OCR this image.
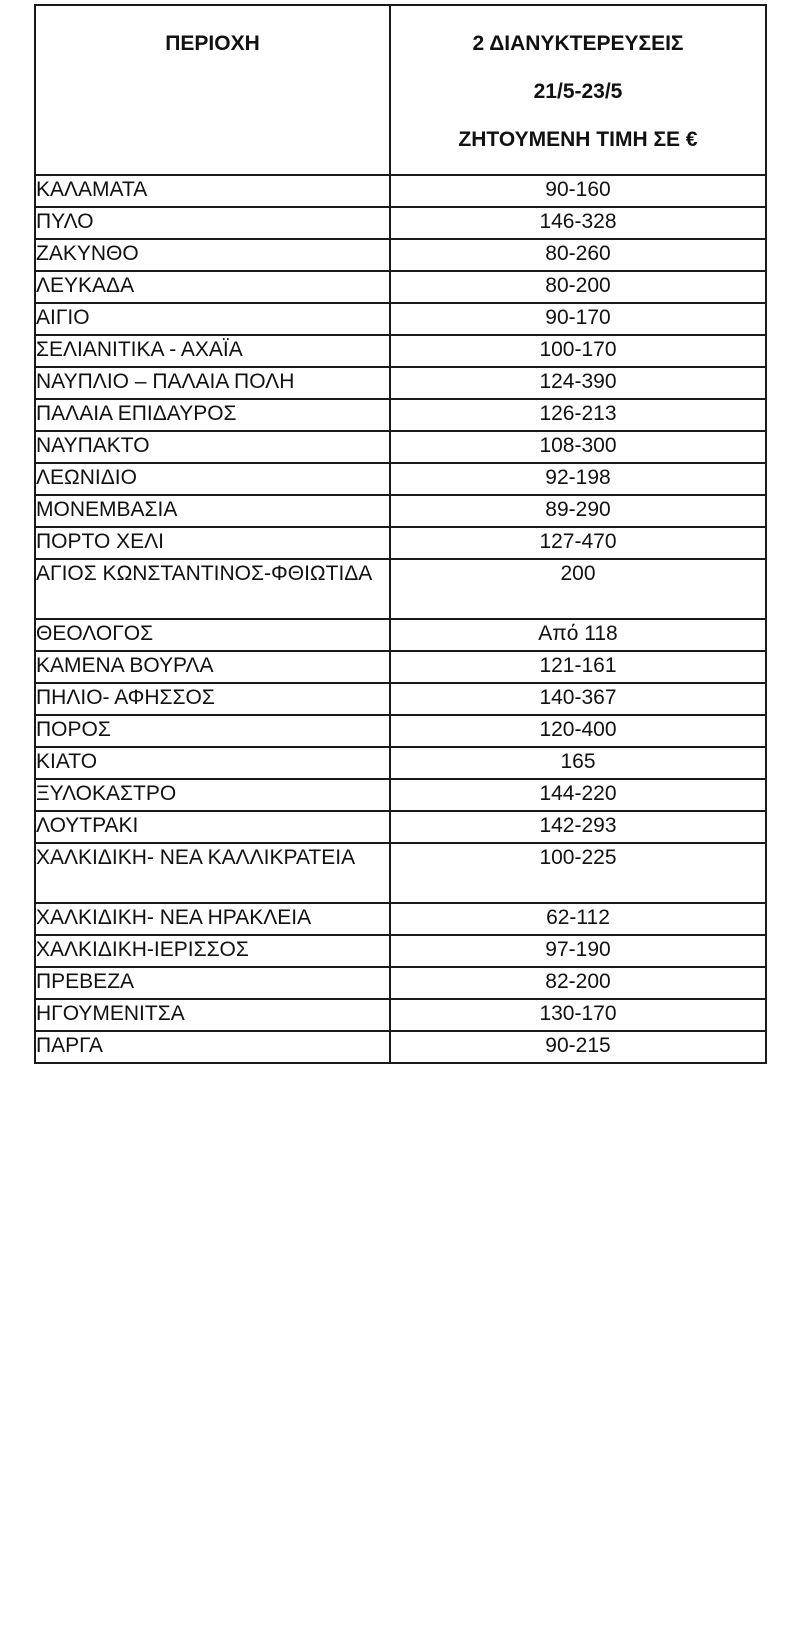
ΠΕΡΙΟΧΗ	2 ΔΙΑΝΥΚΤΕΡΕΥΣΕΙΣ
21/5-23/5
ΖΗΤΟΥΜΕΝΗ ΤΙΜΗ ΣΕ €

ΚΑΛΑΜΑΤΑ	90-160
ΠΥΛΟ	146-328
ΖΑΚΥΝΘΟ	80-260
ΛΕΥΚΑΔΑ	80-200
ΑΙΓΙΟ	90-170
ΣΕΛΙΑΝΙΤΙΚΑ - ΑΧΑΪΑ	100-170
ΝΑΥΠΛΙΟ – ΠΑΛΑΙΑ ΠΟΛΗ	124-390
ΠΑΛΑΙΑ ΕΠΙΔΑΥΡΟΣ	126-213
ΝΑΥΠΑΚΤΟ	108-300
ΛΕΩΝΙΔΙΟ	92-198
ΜΟΝΕΜΒΑΣΙΑ	89-290
ΠΟΡΤΟ ΧΕΛΙ	127-470
ΑΓΙΟΣ ΚΩΝΣΤΑΝΤΙΝΟΣ-ΦΘΙΩΤΙΔΑ	200
ΘΕΟΛΟΓΟΣ	Από 118
ΚΑΜΕΝΑ ΒΟΥΡΛΑ	121-161
ΠΗΛΙΟ- ΑΦΗΣΣΟΣ	140-367
ΠΟΡΟΣ	120-400
ΚΙΑΤΟ	165
ΞΥΛΟΚΑΣΤΡΟ	144-220
ΛΟΥΤΡΑΚΙ	142-293
ΧΑΛΚΙΔΙΚΗ- ΝΕΑ ΚΑΛΛΙΚΡΑΤΕΙΑ	100-225
ΧΑΛΚΙΔΙΚΗ- ΝΕΑ ΗΡΑΚΛΕΙΑ	62-112
ΧΑΛΚΙΔΙΚΗ-ΙΕΡΙΣΣΟΣ	97-190
ΠΡΕΒΕΖΑ	82-200
ΗΓΟΥΜΕΝΙΤΣΑ	130-170
ΠΑΡΓΑ	90-215
